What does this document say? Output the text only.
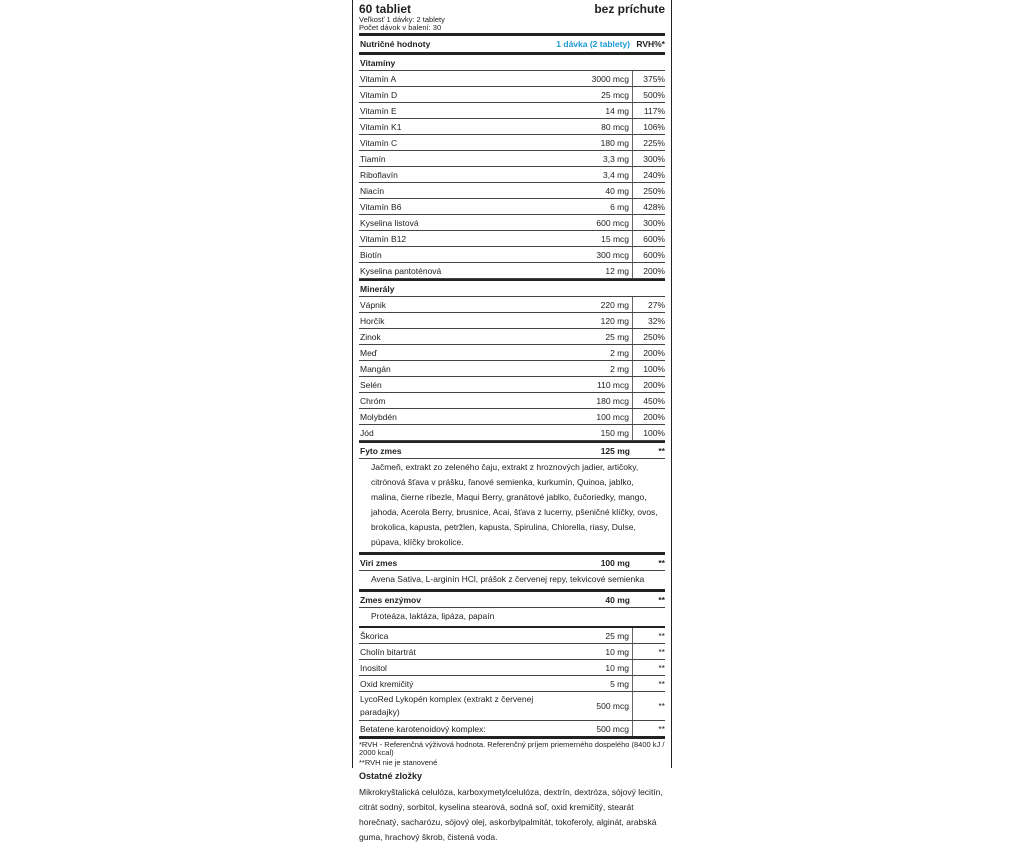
60 tabliet	bez príchute
Veľkosť 1 dávky: 2 tablety
Počet dávok v balení: 30
Nutričné hodnoty	1 dávka (2 tablety) RVH%*
Vitamíny
Vitamín A	3000 mcg	375%
Vitamín D	25 mcg	500%
Vitamín E	14 mg	117%
Vitamín K1	80 mcg	106%
Vitamín C	180 mg	225%
Tiamín	3,3 mg	300%
Riboflavín	3,4 mg	240%
Niacín	40 mg	250%
Vitamín B6	6 mg	428%
Kyselina listová	600 mcg	300%
Vitamín B12	15 mcg	600%
Biotín	300 mcg	600%
Kyselina pantoténová	12 mg	200%
Minerály
Vápnik	220 mg	27%
Horčík	120 mg	32%
Zinok	25 mg	250%
Meď	2 mg	200%
Mangán	2 mg	100%
Selén	110 mcg	200%
Chróm	180 mcg	450%
Molybdén	100 mcg	200%
Jód	150 mg	100%
Fyto zmes	125 mg	**
Jačmeň, extrakt zo zeleného čaju, extrakt z hroznových jadier, artičoky, citrónová šťava v prášku, ľanové semienka, kurkumín, Quinoa, jablko, malina, čierne ríbezle, Maqui Berry, granátové jablko, čučoriedky, mango, jahoda, Acerola Berry, brusnice, Acai, šťava z lucerny, pšeničné klíčky, ovos, brokolica, kapusta, petržlen, kapusta, Spirulina, Chlorella, riasy, Dulse, púpava, klíčky brokolice.
Viri zmes	100 mg	**
Avena Sativa, L-arginín HCl, prášok z červenej repy, tekvicové semienka
Zmes enzýmov	40 mg	**
Proteáza, laktáza, lipáza, papaín
Škorica	25 mg	**
Cholín bitartrát	10 mg	**
Inositol	10 mg	**
Oxid kremičitý	5 mg	**
LycoRed Lykopén komplex (extrakt z červenej paradajky)
500 mcg	**
Betatene karotenoidový komplex:	500 mcg	**
*RVH - Referenčná výživová hodnota. Referenčný príjem priemerného dospelého (8400 kJ / 2000 kcal)
**RVH nie je stanovené
Ostatné zložky
Mikrokryštalická celulóza, karboxymetylcelulóza, dextrín, dextróza, sójový lecitín, citrát sodný, sorbitol, kyselina stearová, sodná soľ, oxid kremičitý, stearát horečnatý, sacharózu, sójový olej, askorbylpalmitát, tokoferoly, alginát, arabská guma, hrachový škrob, čistená voda.
